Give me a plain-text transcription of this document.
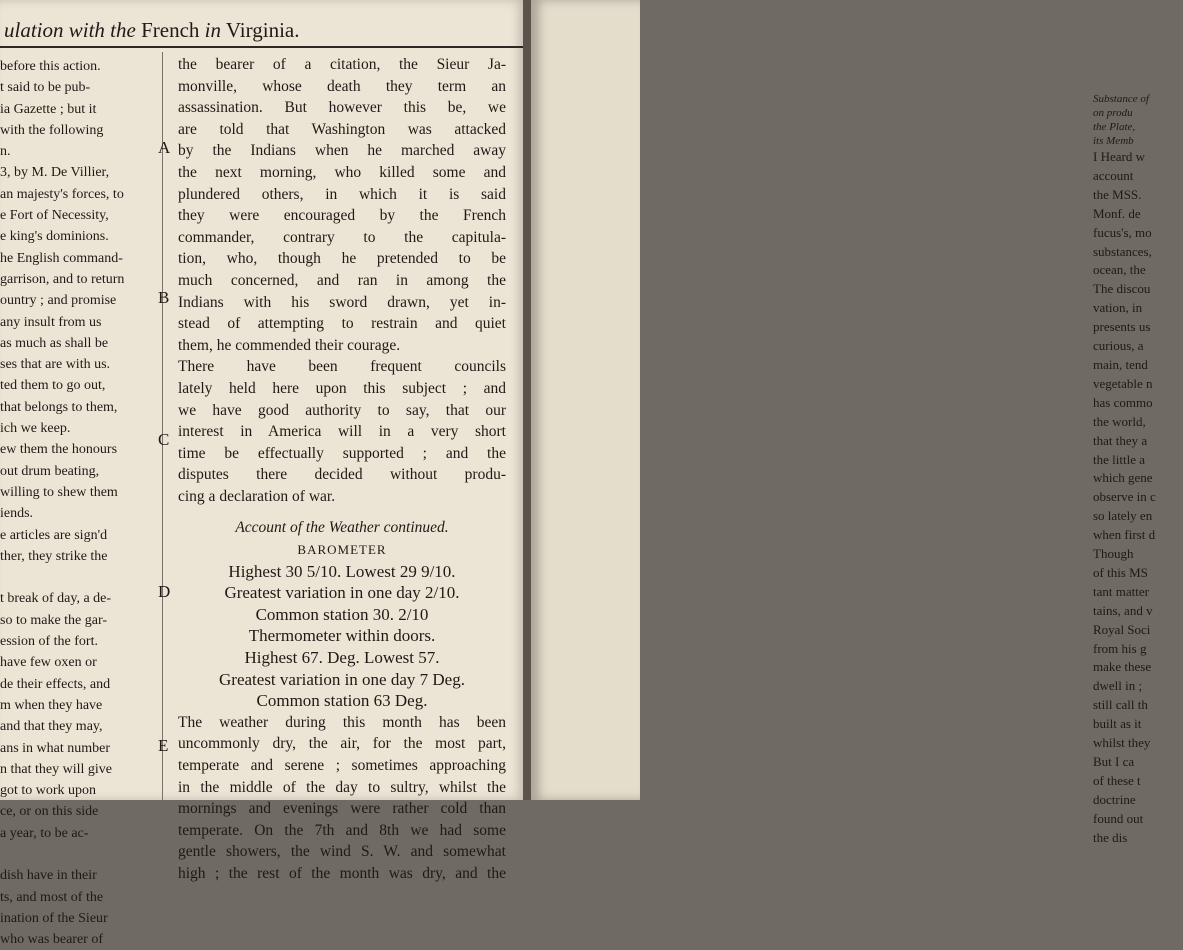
ulation with the French in Virginia.
before this action.
t said to be pub-
ia Gazette ; but it
with the following
n.
3, by M. De Villier,
an majesty's forces, to
e Fort of Necessity,
e king's dominions.
he English command-
garrison, and to return
ountry ; and promise
any insult from us
as much as shall be
ses that are with us.
ted them to go out,
that belongs to them,
ich we keep.
ew them the honours
out drum beating,
willing to shew them
iends.
e articles are sign'd
ther, they strike the

t break of day, a de-
so to make the gar-
ession of the fort.
have few oxen or
de their effects, and
m when they have
and that they may,
ans in what number
n that they will give
got to work upon
ce, or on this side
a year, to be ac-

dish have in their
ts, and most of the
ination of the Sieur
who was bearer of
A
B
C
D
E
the bearer of a citation, the Sieur Ja-
monville, whose death they term an
assassination. But however this be, we
are told that Washington was attacked
by the Indians when he marched away
the next morning, who killed some and
plundered others, in which it is said
they were encouraged by the French
commander, contrary to the capitula-
tion, who, though he pretended to be
much concerned, and ran in among the
Indians with his sword drawn, yet in-
stead of attempting to restrain and quiet
them, he commended their courage.
There have been frequent councils
lately held here upon this subject ; and
we have good authority to say, that our
interest in America will in a very short
time be effectually supported ; and the
disputes there decided without produ-
cing a declaration of war.
Account of the Weather continued.
BAROMETER
Highest 30 5/10. Lowest 29 9/10.
Greatest variation in one day 2/10.
Common station 30. 2/10
Thermometer within doors.
Highest 67. Deg. Lowest 57.
Greatest variation in one day 7 Deg.
Common station 63 Deg.
The weather during this month has been
uncommonly dry, the air, for the most part,
temperate and serene ; sometimes approaching
in the middle of the day to sultry, whilst the
mornings and evenings were rather cold than
temperate. On the 7th and 8th we had some
gentle showers, the wind S. W. and somewhat
high ; the rest of the month was dry, and the
Substance of
on produ
the Plate,
its Memb
I Heard w
account
the MSS.
Monf. de
fucus's, mo
substances,
ocean, the
The discou
vation, in
presents us
curious, a
main, tend
vegetable n
has commo
the world,
that they a
the little a
which gene
observe in c
so lately en
when first d
Though
of this MS
tant matter
tains, and v
Royal Soci
from his g
make these
dwell in ;
still call th
built as it
whilst they
But I ca
of these t
doctrine
found out
the dis
